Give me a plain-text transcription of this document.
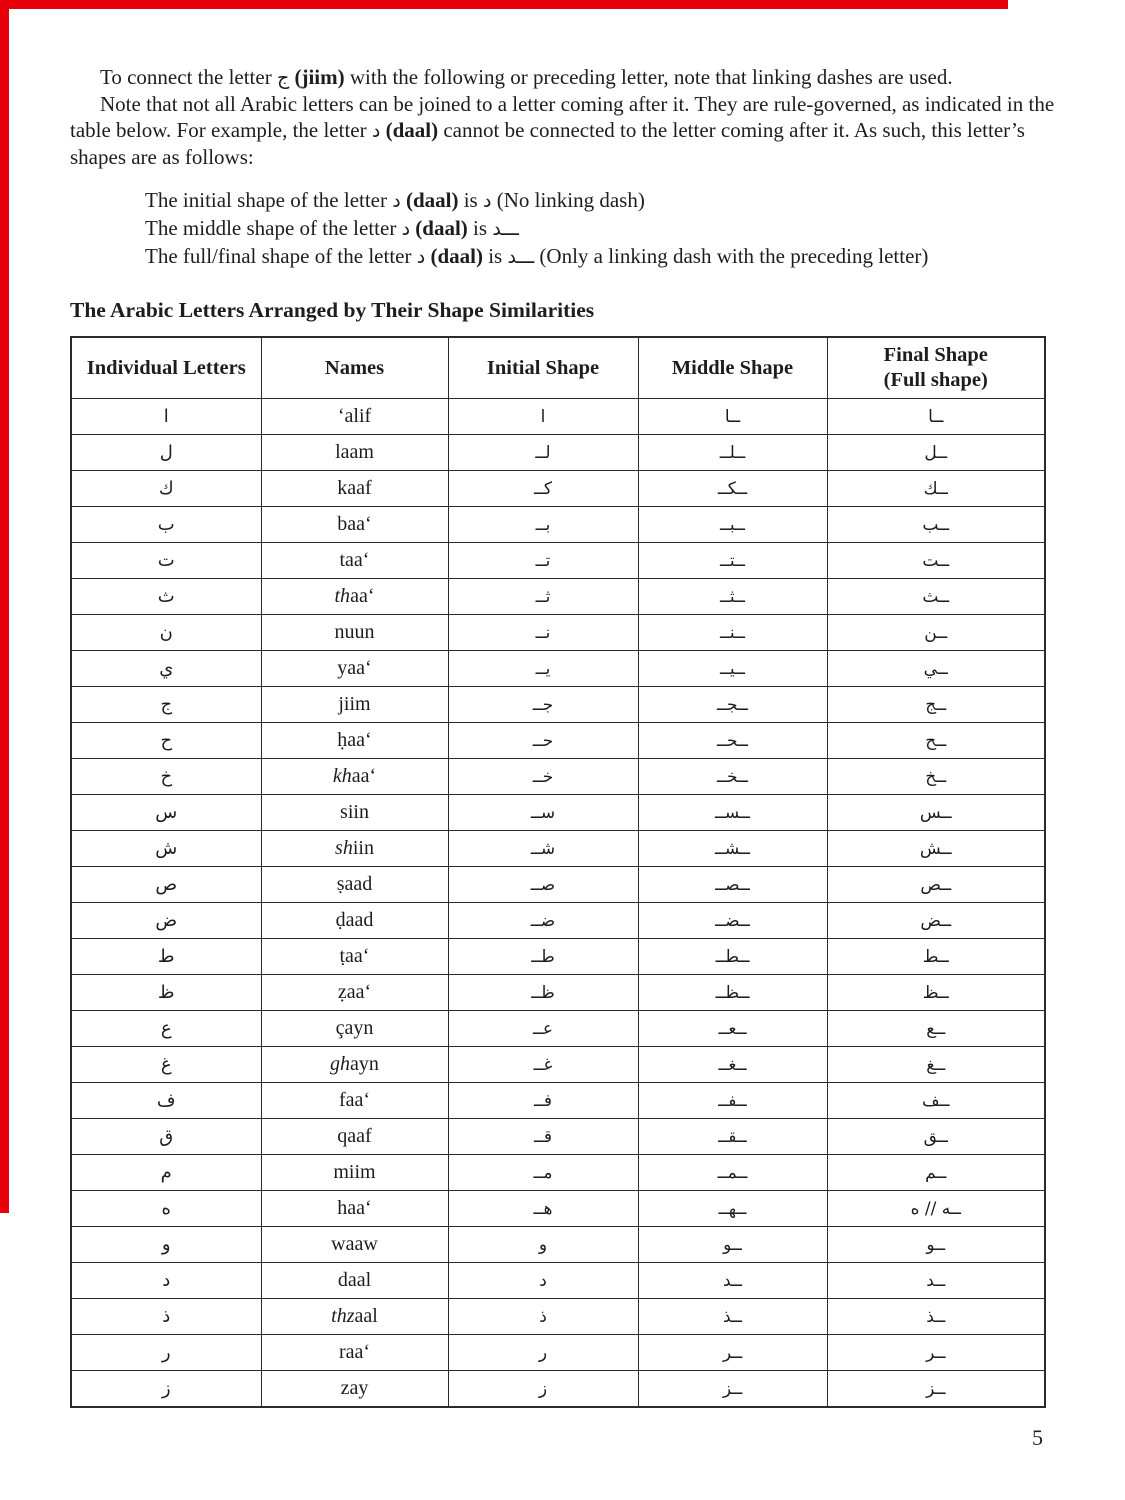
To connect the letter ج (jiim) with the following or preceding letter, note that linking dashes are used.

Note that not all Arabic letters can be joined to a letter coming after it. They are rule-governed, as indicated in the table below. For example, the letter د (daal) cannot be connected to the letter coming after it. As such, this letter’s shapes are as follows:

The initial shape of the letter د (daal) is د (No linking dash)
The middle shape of the letter د (daal) is ـــد
The full/final shape of the letter د (daal) is ـــد (Only a linking dash with the preceding letter)
The Arabic Letters Arranged by Their Shape Similarities
Individual Letters	Names	Initial Shape	Middle Shape	Final Shape
(Full shape)

ا	‘alif	ا	ــا	ــا
ل	laam	لــ	ــلــ	ــل
ك	kaaf	كــ	ــكــ	ــك
ب	baa‘	بــ	ــبــ	ــب
ت	taa‘	تــ	ــتــ	ــت
ث	thaa‘	ثــ	ــثــ	ــث
ن	nuun	نــ	ــنــ	ــن
ي	yaa‘	يــ	ــيــ	ــي
ج	jiim	جــ	ــجــ	ــج
ح	ḥaa‘	حــ	ــحــ	ــح
خ	khaa‘	خــ	ــخــ	ــخ
س	siin	ســ	ــســ	ــس
ش	shiin	شــ	ــشــ	ــش
ص	ṣaad	صــ	ــصــ	ــص
ض	ḍaad	ضــ	ــضــ	ــض
ط	ṭaa‘	طــ	ــطــ	ــط
ظ	ẓaa‘	ظــ	ــظــ	ــظ
ع	çayn	عــ	ــعــ	ــع
غ	ghayn	غــ	ــغــ	ــغ
ف	faa‘	فــ	ــفــ	ــف
ق	qaaf	قــ	ــقــ	ــق
م	miim	مــ	ــمــ	ــم
ه	haa‘	هــ	ــهــ	ــه // ه
و	waaw	و	ــو	ــو
د	daal	د	ــد	ــد
ذ	thzaal	ذ	ــذ	ــذ
ر	raa‘	ر	ــر	ــر
ز	zay	ز	ــز	ــز
5
